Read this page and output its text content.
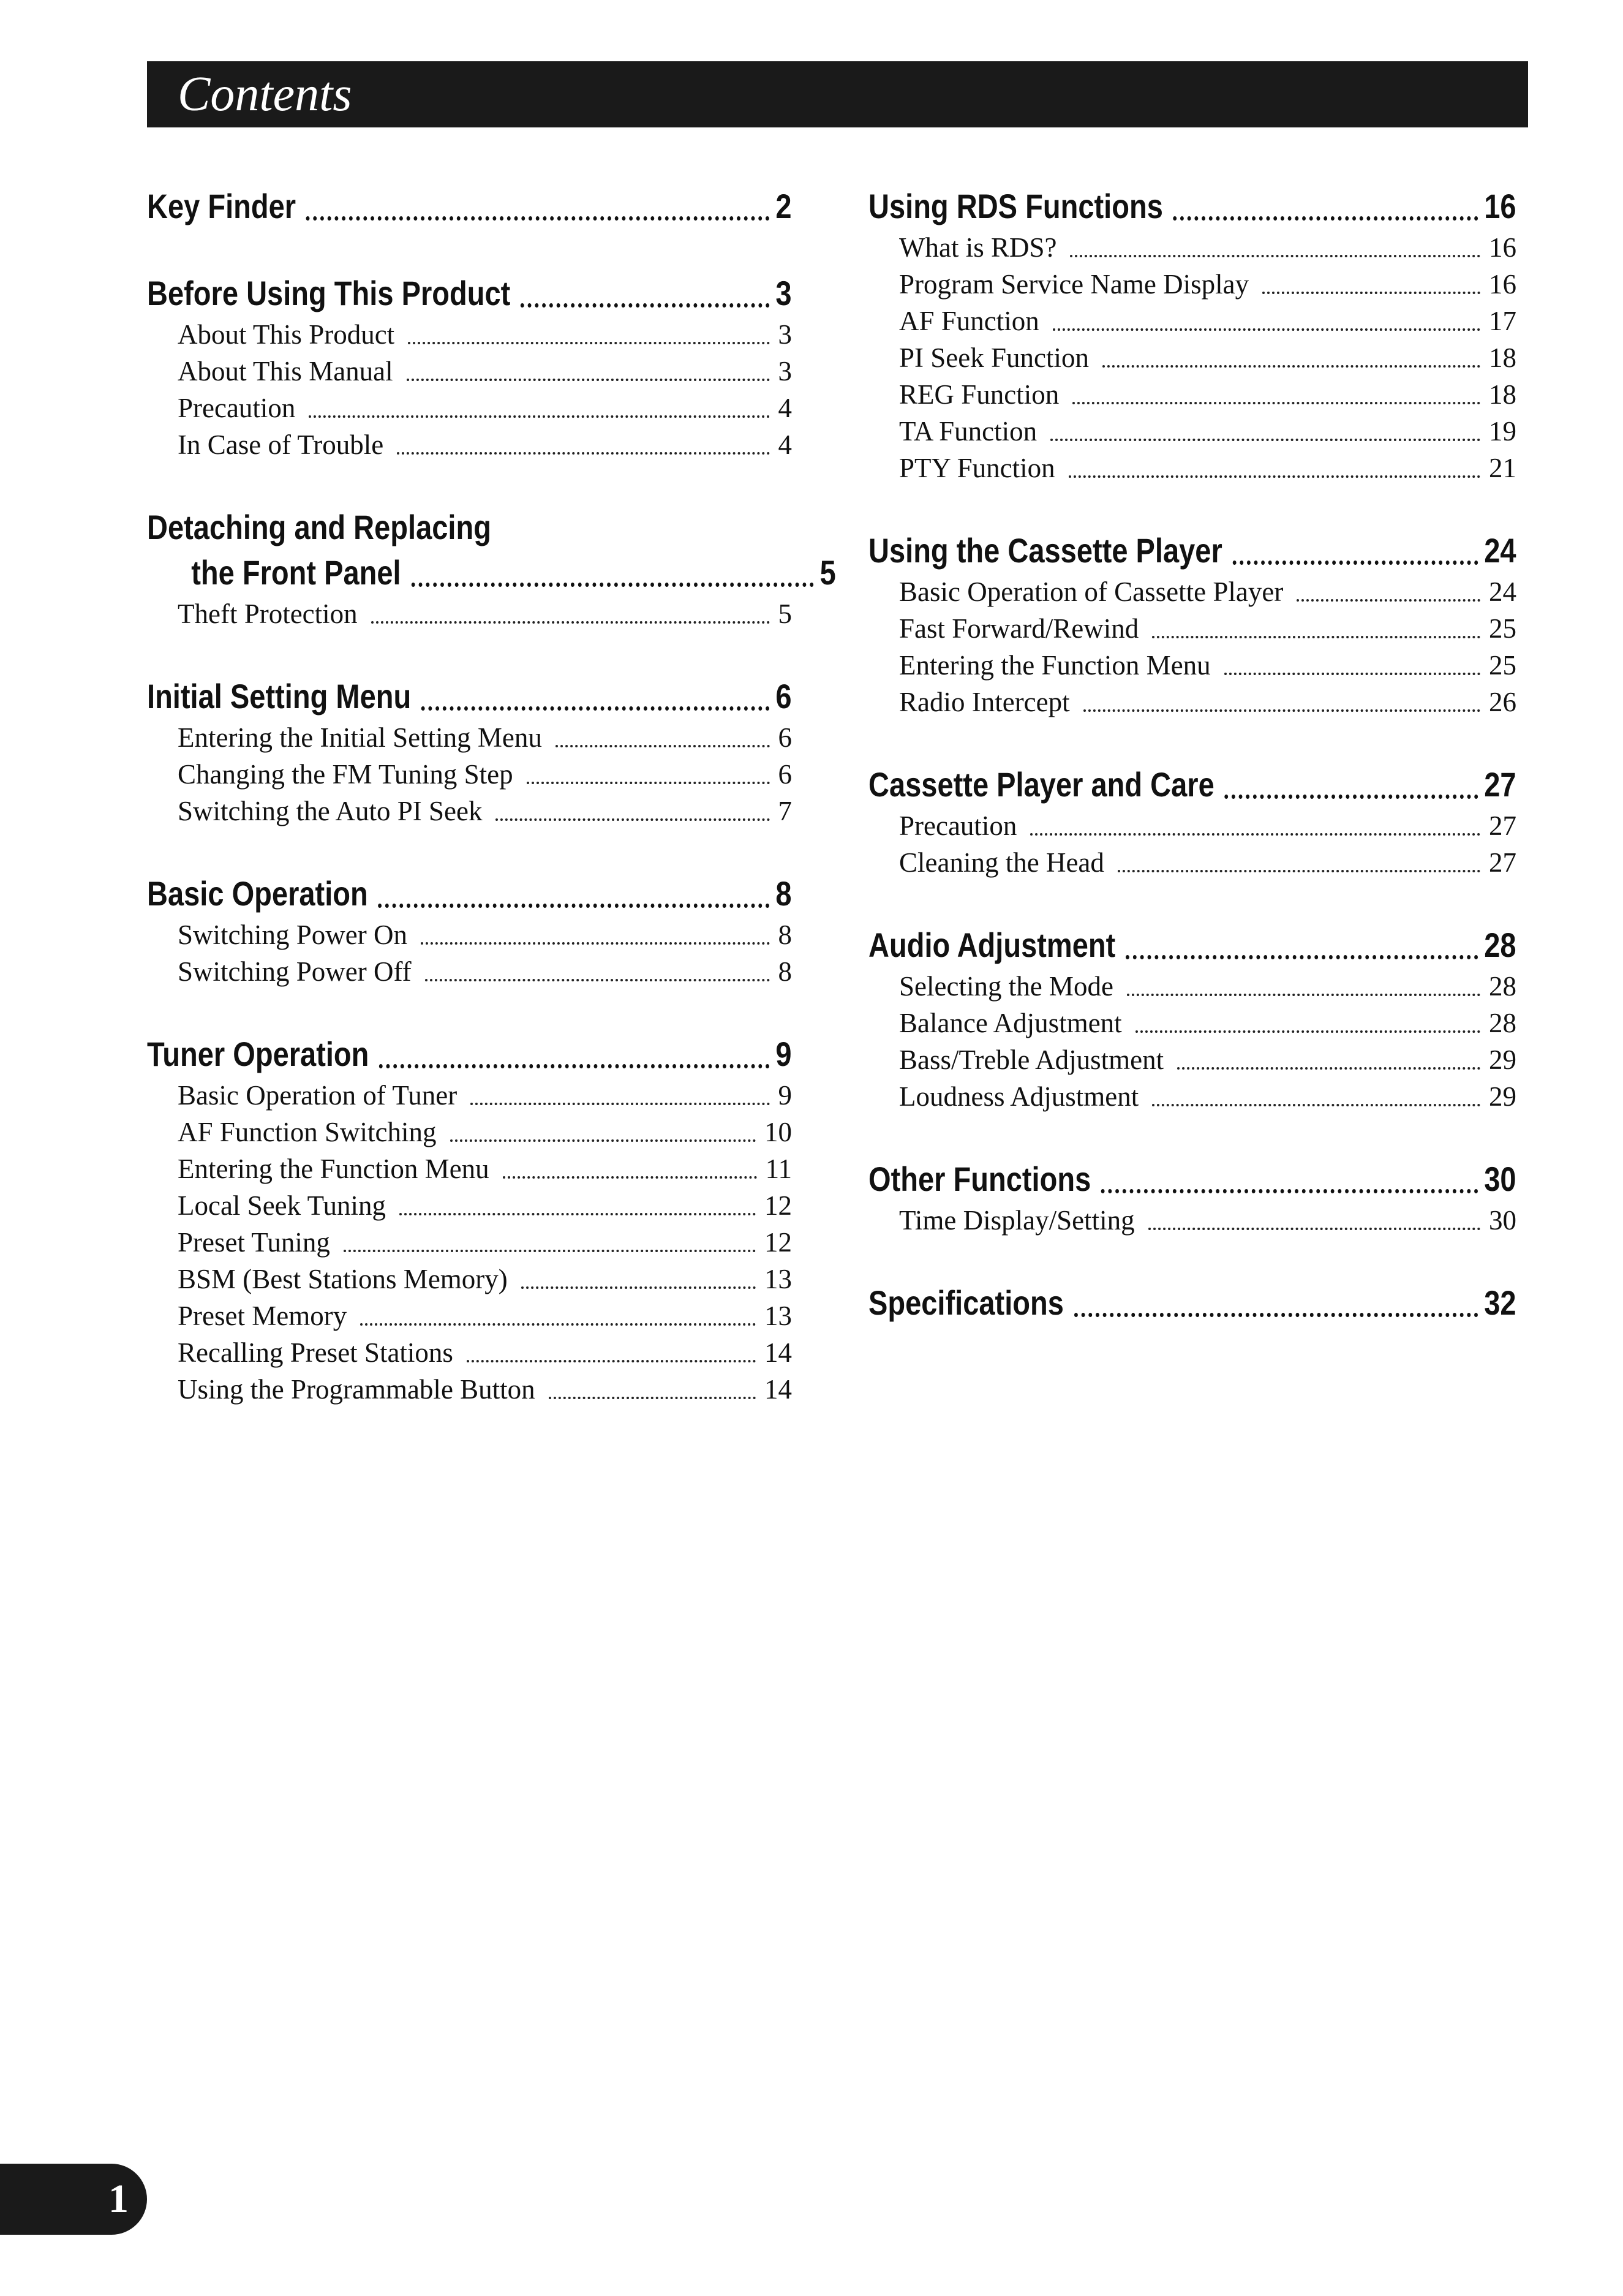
Contents
Key Finder	2
Before Using This Product	3
About This Product	3
About This Manual	3
Precaution	4
In Case of Trouble	4
Detaching and Replacing
the Front Panel	5
Theft Protection	5
Initial Setting Menu	6
Entering the Initial Setting Menu	6
Changing the FM Tuning Step	6
Switching the Auto PI Seek	7
Basic Operation	8
Switching Power On	8
Switching Power Off	8
Tuner Operation	9
Basic Operation of Tuner	9
AF Function Switching	10
Entering the Function Menu	11
Local Seek Tuning	12
Preset Tuning	12
BSM (Best Stations Memory)	13
Preset Memory	13
Recalling Preset Stations	14
Using the Programmable Button	14
Using RDS Functions	16
What is RDS?	16
Program Service Name Display	16
AF Function	17
PI Seek Function	18
REG Function	18
TA Function	19
PTY Function	21
Using the Cassette Player	24
Basic Operation of Cassette Player	24
Fast Forward/Rewind	25
Entering the Function Menu	25
Radio Intercept	26
Cassette Player and Care	27
Precaution	27
Cleaning the Head	27
Audio Adjustment	28
Selecting the Mode	28
Balance Adjustment	28
Bass/Treble Adjustment	29
Loudness Adjustment	29
Other Functions	30
Time Display/Setting	30
Specifications	32
1
